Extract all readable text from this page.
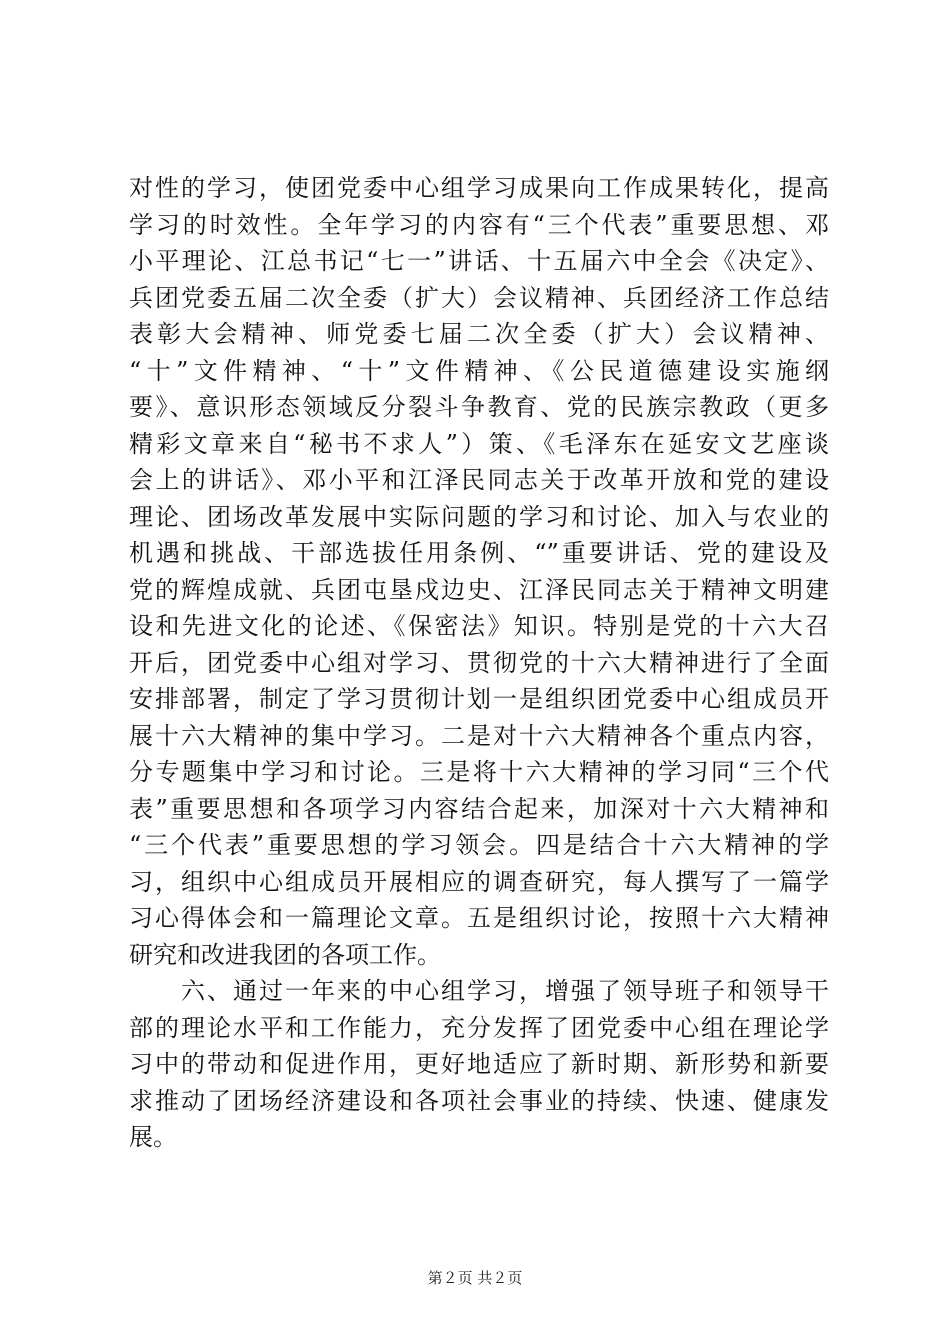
对性的学习，使团党委中心组学习成果向工作成果转化，提高
学习的时效性。全年学习的内容有“三个代表”重要思想、邓
小平理论、江总书记“七一”讲话、十五届六中全会《决定》、
兵团党委五届二次全委（扩大）会议精神、兵团经济工作总结
表彰大会精神、师党委七届二次全委（扩大）会议精神、
“十”文件精神、“十”文件精神、《公民道德建设实施纲
要》、意识形态领域反分裂斗争教育、党的民族宗教政（更多
精彩文章来自“秘书不求人”）策、《毛泽东在延安文艺座谈
会上的讲话》、邓小平和江泽民同志关于改革开放和党的建设
理论、团场改革发展中实际问题的学习和讨论、加入与农业的
机遇和挑战、干部选拔任用条例、“”重要讲话、党的建设及
党的辉煌成就、兵团屯垦戍边史、江泽民同志关于精神文明建
设和先进文化的论述、《保密法》知识。特别是党的十六大召
开后，团党委中心组对学习、贯彻党的十六大精神进行了全面
安排部署，制定了学习贯彻计划一是组织团党委中心组成员开
展十六大精神的集中学习。二是对十六大精神各个重点内容，
分专题集中学习和讨论。三是将十六大精神的学习同“三个代
表”重要思想和各项学习内容结合起来，加深对十六大精神和
“三个代表”重要思想的学习领会。四是结合十六大精神的学
习，组织中心组成员开展相应的调查研究，每人撰写了一篇学
习心得体会和一篇理论文章。五是组织讨论，按照十六大精神
研究和改进我团的各项工作。
　　六、通过一年来的中心组学习，增强了领导班子和领导干
部的理论水平和工作能力，充分发挥了团党委中心组在理论学
习中的带动和促进作用，更好地适应了新时期、新形势和新要
求推动了团场经济建设和各项社会事业的持续、快速、健康发
展。
第２页 共２页
